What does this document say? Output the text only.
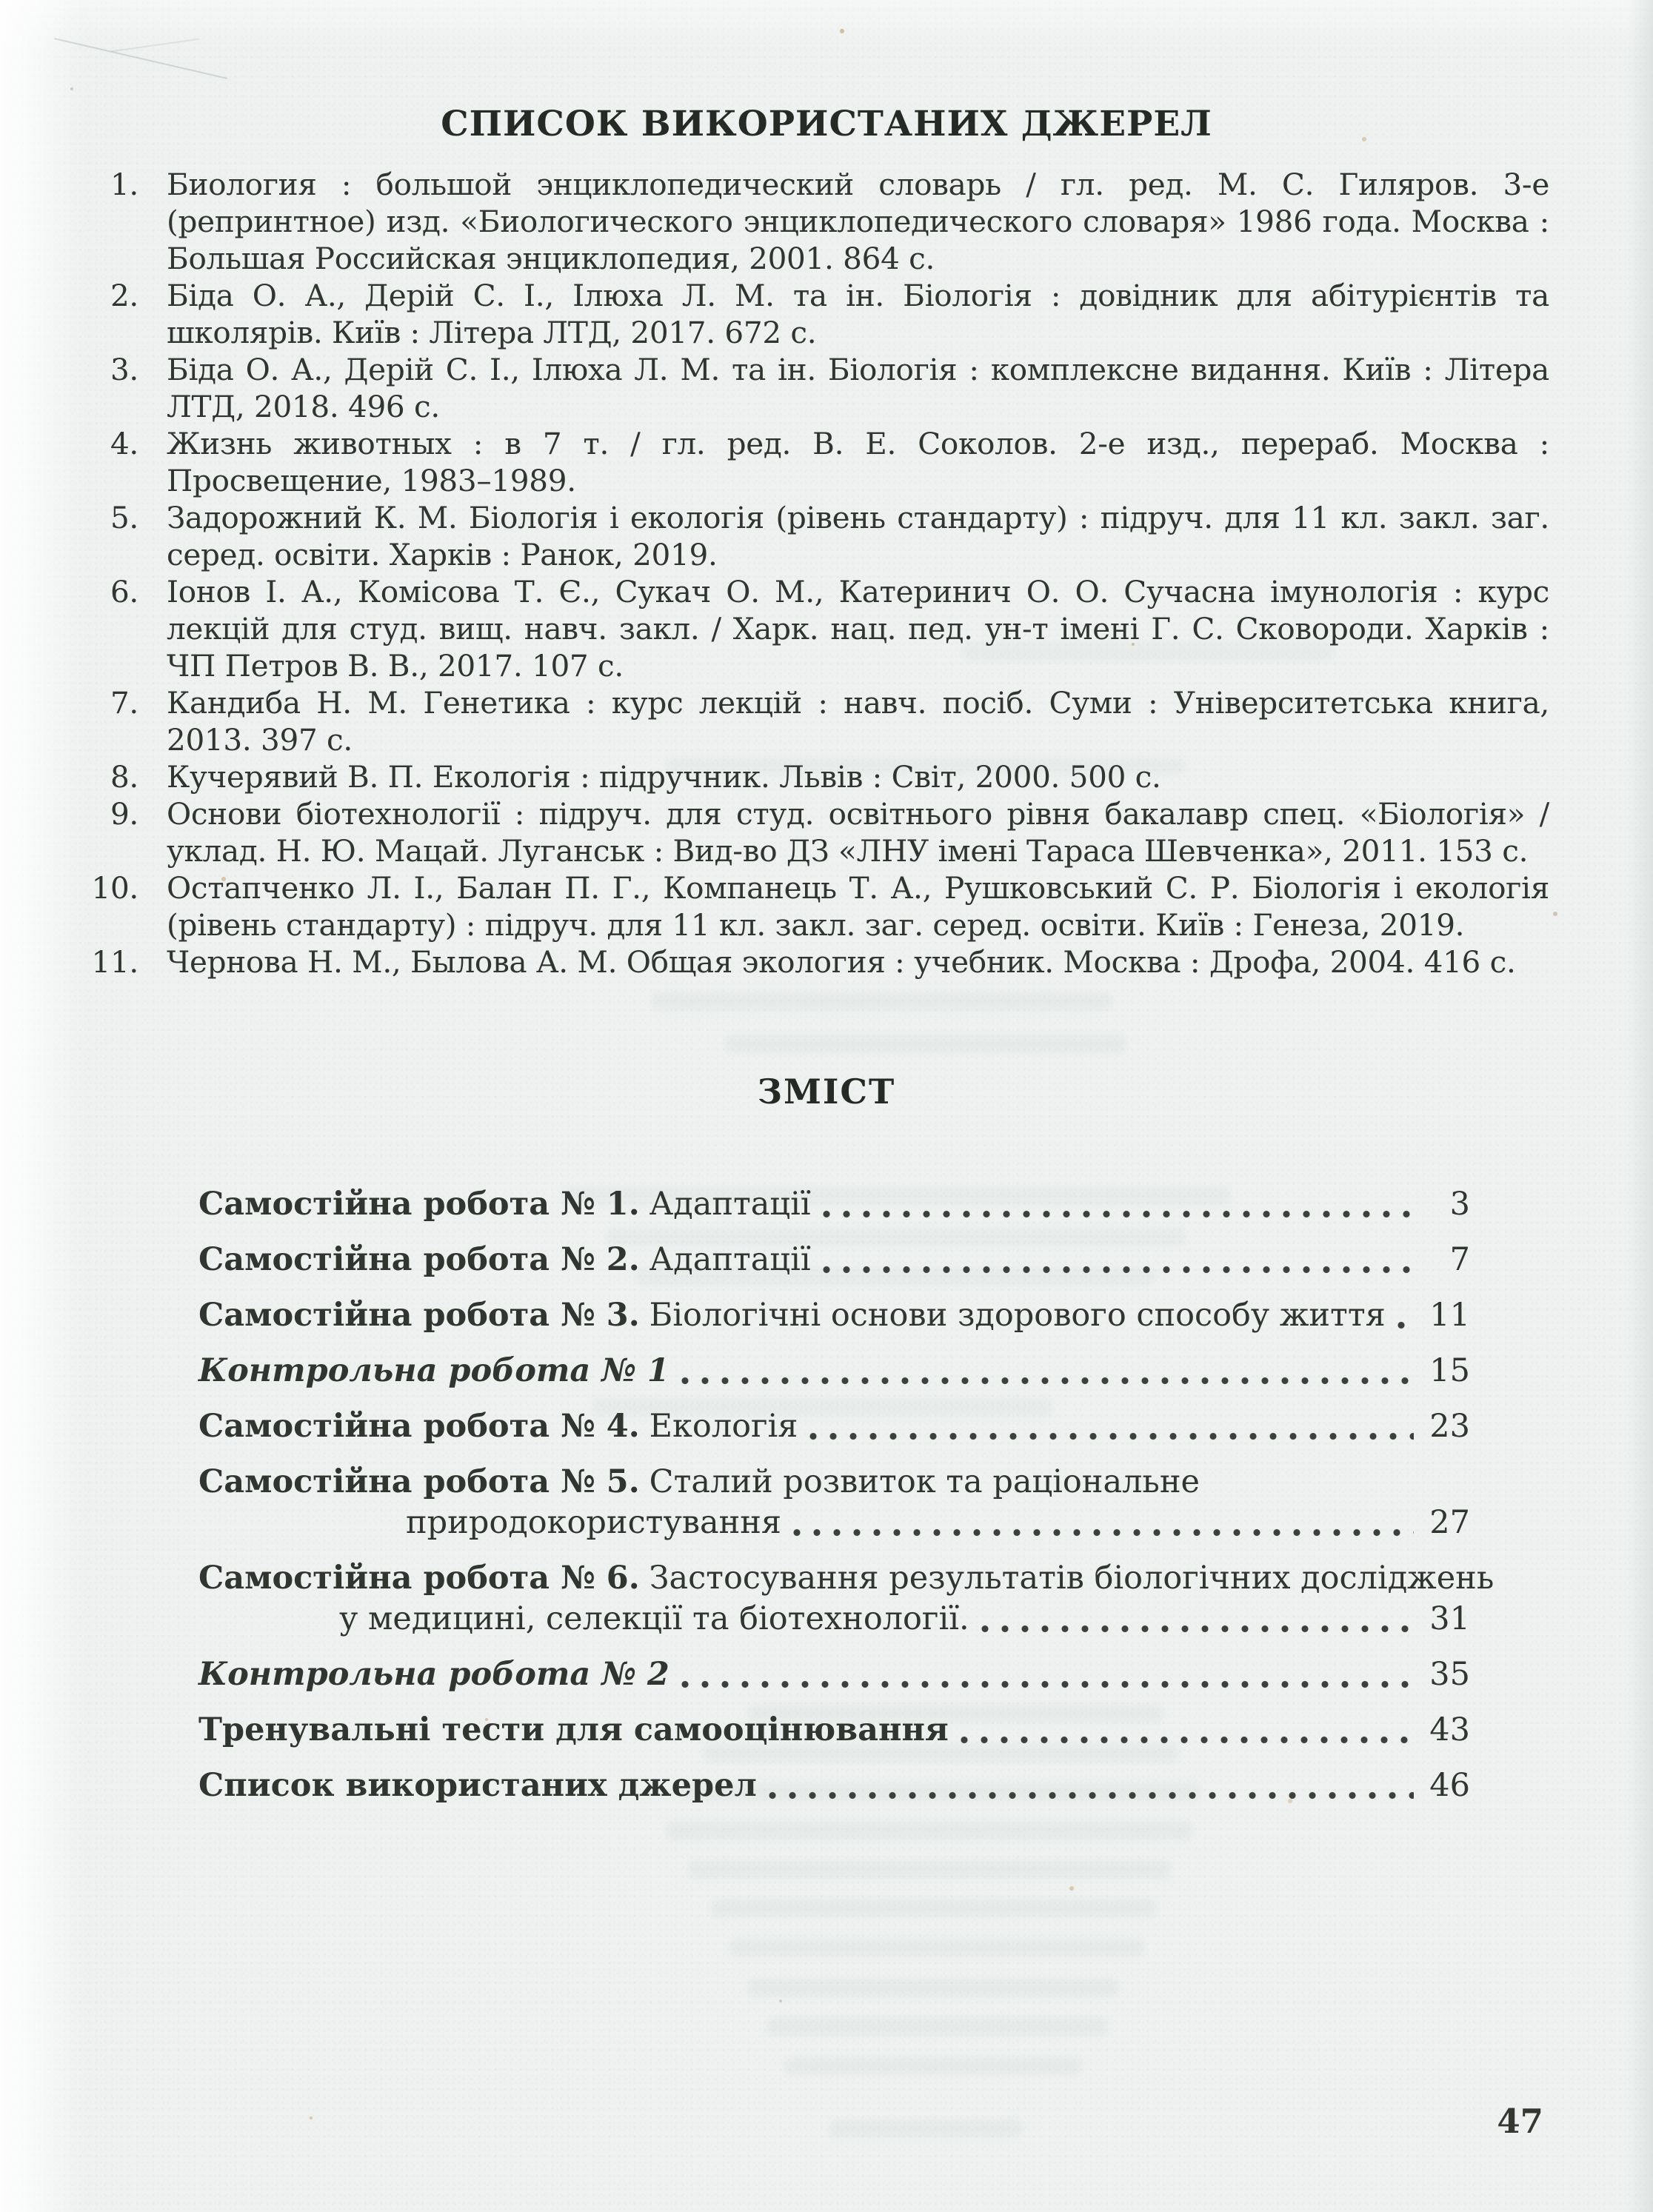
СПИСОК ВИКОРИСТАНИХ ДЖЕРЕЛ
1. Биология : большой энциклопедический словарь / гл. ред. М. С. Гиляров. 3-е (репринтное) изд. «Биологического энциклопедического словаря» 1986 года. Москва : Большая Российская энциклопедия, 2001. 864 с.
2. Біда О. А., Дерій С. І., Ілюха Л. М. та ін. Біологія : довідник для абітурієнтів та школярів. Київ : Літера ЛТД, 2017. 672 с.
3. Біда О. А., Дерій С. І., Ілюха Л. М. та ін. Біологія : комплексне видання. Київ : Літера ЛТД, 2018. 496 с.
4. Жизнь животных : в 7 т. / гл. ред. В. Е. Соколов. 2-е изд., перераб. Москва : Просвещение, 1983–1989.
5. Задорожний К. М. Біологія і екологія (рівень стандарту) : підруч. для 11 кл. закл. заг. серед. освіти. Харків : Ранок, 2019.
6. Іонов І. А., Комісова Т. Є., Сукач О. М., Катеринич О. О. Сучасна імунологія : курс лекцій для студ. вищ. навч. закл. / Харк. нац. пед. ун-т імені Г. С. Сковороди. Харків : ЧП Петров В. В., 2017. 107 с.
7. Кандиба Н. М. Генетика : курс лекцій : навч. посіб. Суми : Університетська книга, 2013. 397 с.
8. Кучерявий В. П. Екологія : підручник. Львів : Світ, 2000. 500 с.
9. Основи біотехнології : підруч. для студ. освітнього рівня бакалавр спец. «Біологія» / уклад. Н. Ю. Мацай. Луганськ : Вид-во ДЗ «ЛНУ імені Тараса Шевченка», 2011. 153 с.
10. Остапченко Л. І., Балан П. Г., Компанець Т. А., Рушковський С. Р. Біологія і екологія (рівень стандарту) : підруч. для 11 кл. закл. заг. серед. освіти. Київ : Генеза, 2019.
11. Чернова Н. М., Былова А. М. Общая экология : учебник. Москва : Дрофа, 2004. 416 с.
ЗМІСТ
Самостійна робота № 1. Адаптації	3
Самостійна робота № 2. Адаптації	7
Самостійна робота № 3. Біологічні основи здорового способу життя 11
Контрольна робота № 1	15
Самостійна робота № 4. Екологія	23
Самостійна робота № 5. Сталий розвиток та раціональне
природокористування	27
Самостійна робота № 6. Застосування результатів біологічних досліджень
у медицині, селекції та біотехнології.	31
Контрольна робота № 2	35
Тренувальні тести для самооцінювання	43
Список використаних джерел	46
47
